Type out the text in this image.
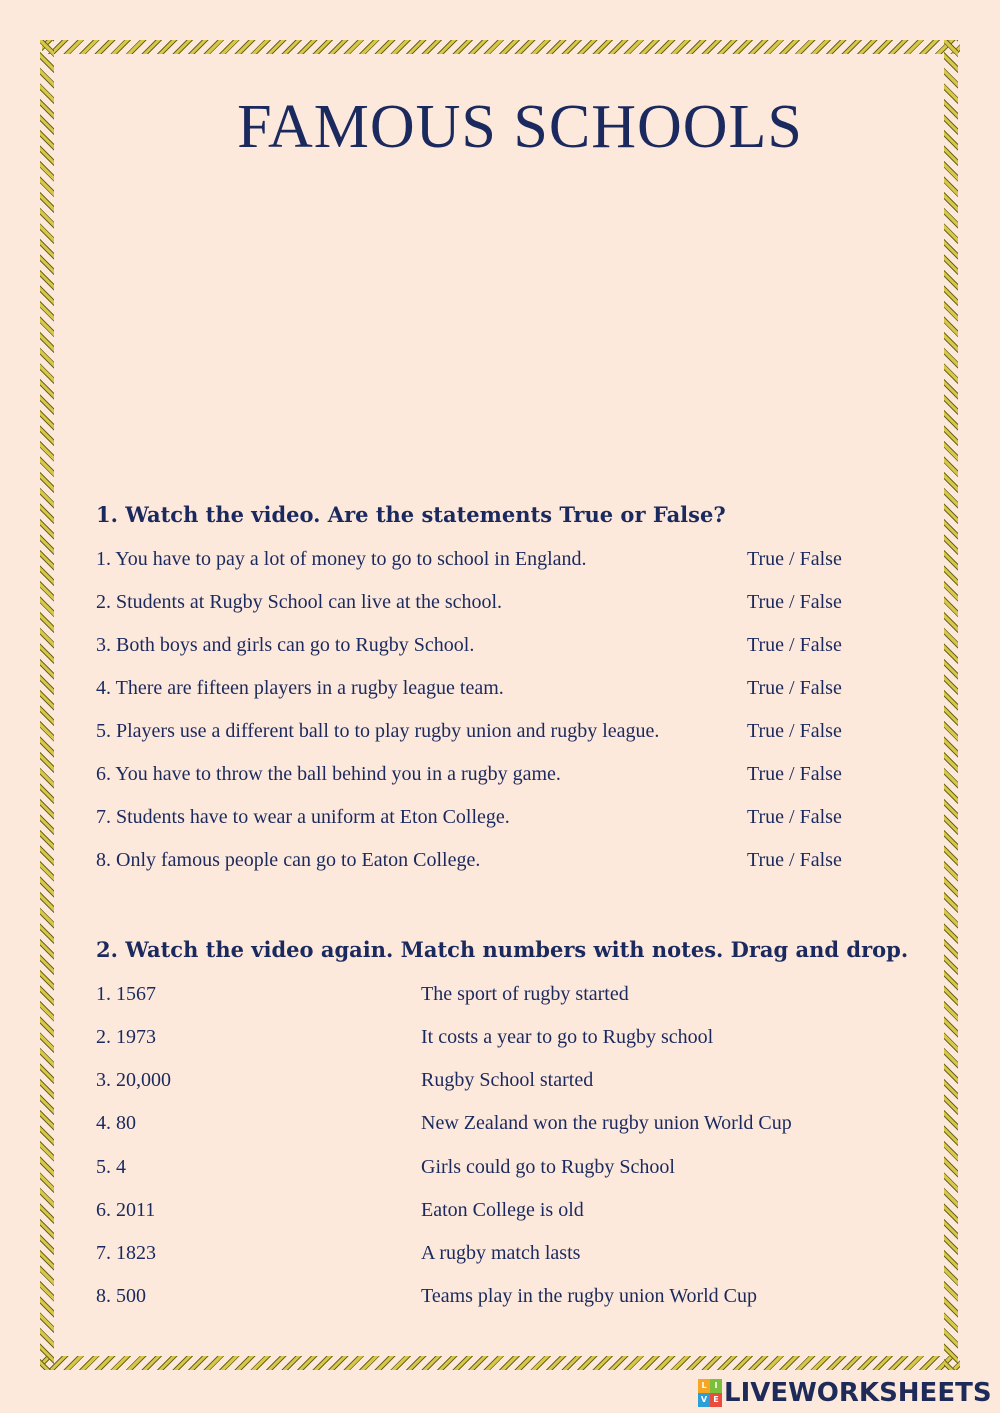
FAMOUS SCHOOLS
1. Watch the video. Are the statements True or False?
1. You have to pay a lot of money to go to school in England.	True / False
2. Students at Rugby School can live at the school.	True / False
3. Both boys and girls can go to Rugby School.	True / False
4. There are fifteen players in a rugby league team.	True / False
5. Players use a different ball to to play rugby union and rugby league.	True / False
6. You have to throw the ball behind you in a rugby game.	True / False
7. Students have to wear a uniform at Eton College.	True / False
8. Only famous people can go to Eaton College.	True / False
2. Watch the video again. Match numbers with notes. Drag and drop.
1. 1567	The sport of rugby started
2. 1973	It costs a year to go to Rugby school
3. 20,000	Rugby School started
4. 80	New Zealand won the rugby union World Cup
5. 4	Girls could go to Rugby School
6. 2011	Eaton College is old
7. 1823	A rugby match lasts
8. 500	Teams play in the rugby union World Cup
L I
V E LIVEWORKSHEETS
